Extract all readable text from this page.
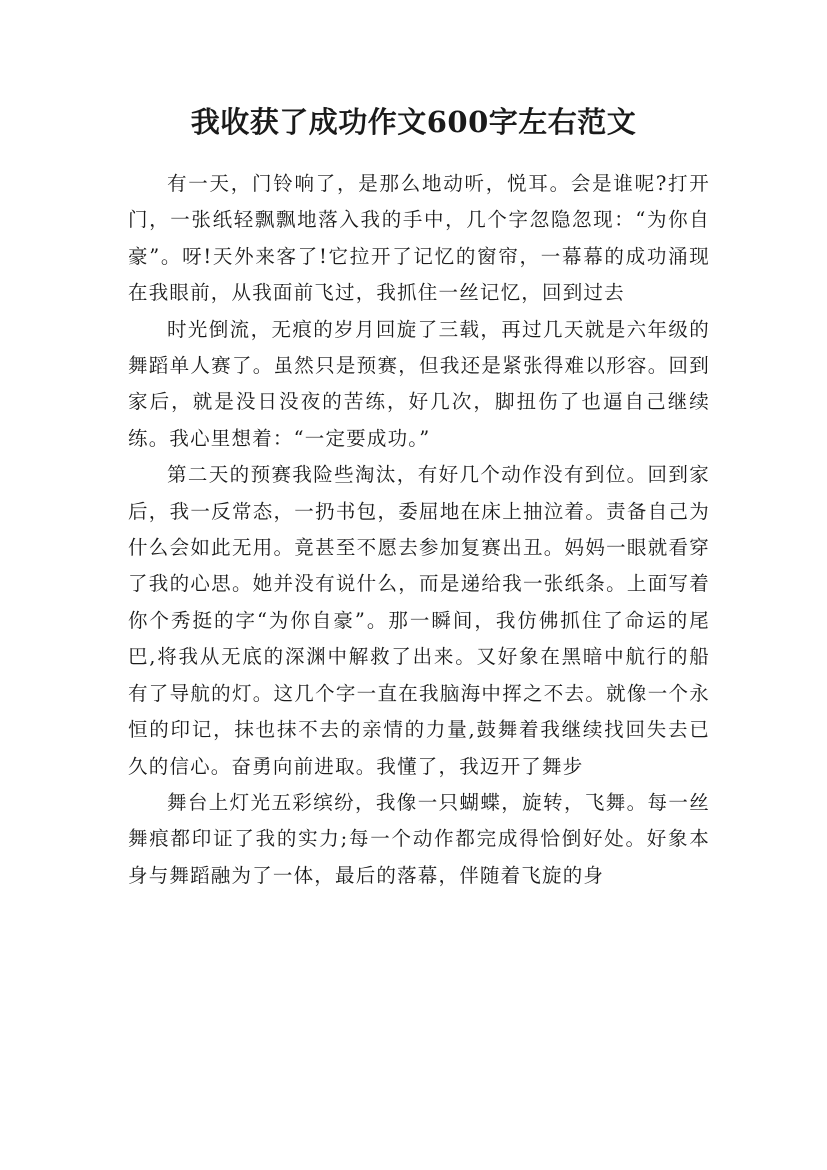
我收获了成功作文600字左右范文

有一天，门铃响了，是那么地动听，悦耳。会是谁呢?打开门，一张纸轻飘飘地落入我的手中，几个字忽隐忽现：“为你自豪”。呀!天外来客了!它拉开了记忆的窗帘，一幕幕的成功涌现在我眼前，从我面前飞过，我抓住一丝记忆，回到过去

时光倒流，无痕的岁月回旋了三载，再过几天就是六年级的舞蹈单人赛了。虽然只是预赛，但我还是紧张得难以形容。回到家后，就是没日没夜的苦练，好几次，脚扭伤了也逼自己继续练。我心里想着：“一定要成功。”

第二天的预赛我险些淘汰，有好几个动作没有到位。回到家后，我一反常态，一扔书包，委屈地在床上抽泣着。责备自己为什么会如此无用。竟甚至不愿去参加复赛出丑。妈妈一眼就看穿了我的心思。她并没有说什么，而是递给我一张纸条。上面写着你个秀挺的字“为你自豪”。那一瞬间，我仿佛抓住了命运的尾巴,将我从无底的深渊中解救了出来。又好象在黑暗中航行的船有了导航的灯。这几个字一直在我脑海中挥之不去。就像一个永恒的印记，抹也抹不去的亲情的力量,鼓舞着我继续找回失去已久的信心。奋勇向前进取。我懂了，我迈开了舞步

舞台上灯光五彩缤纷，我像一只蝴蝶，旋转，飞舞。每一丝舞痕都印证了我的实力;每一个动作都完成得恰倒好处。好象本身与舞蹈融为了一体，最后的落幕，伴随着飞旋的身
